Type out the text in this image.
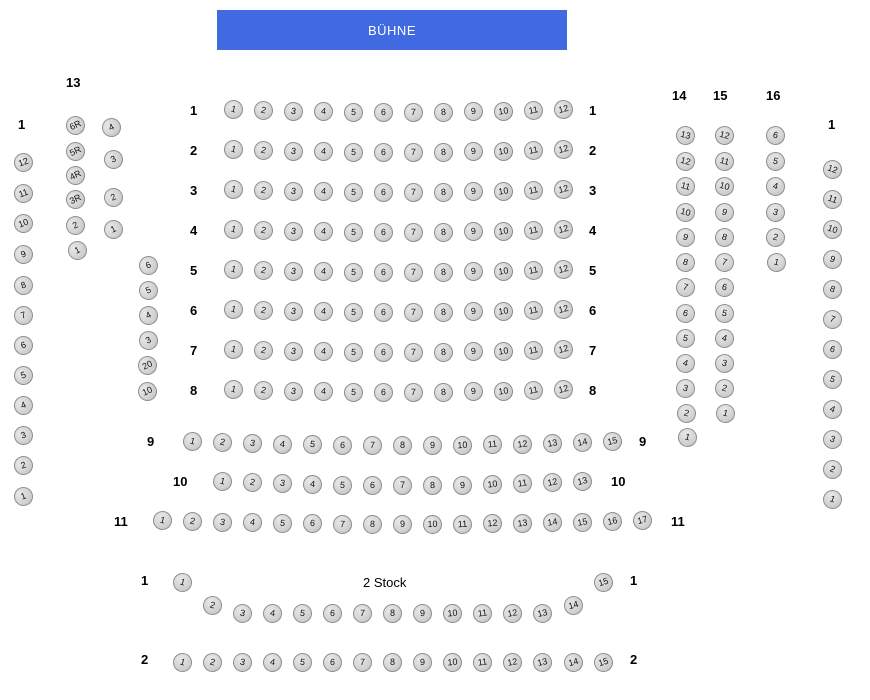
BÜHNE
2 Stock
13
14 15	16
1
12
11
10
9
8
7
6
5
4
3
2
1
1
12
11
10
9
8
7
6
5
4
3
2
1
6R
5R
4R
3R
2
1
4
3
2
1
6
5
4
3
20
10
13
12
11
10
9
8
7
6
5
4
3
2
1
12
11
10
9
8
7
6
5
4
3
2
1
6
5
4
3
2
1
1	1
1	2	3	4	5	6	7	8	9	10	11	12
2	2
1	2	3	4	5	6	7	8	9	10	11	12
3	3
1	2	3	4	5	6	7	8	9	10	11	12
4	4
1	2	3	4	5	6	7	8	9	10	11	12
5	5
1	2	3	4	5	6	7	8	9	10	11	12
6	6
1	2	3	4	5	6	7	8	9	10	11	12
7	7
1	2	3	4	5	6	7	8	9	10	11	12
8	8
1	2	3	4	5	6	7	8	9	10	11	12
9	9
1	2	3	4	5	6	7	8	9	10	11	12	13	14	15
10	10
1	2	3	4	5	6	7	8	9	10	11	12	13
11	11
1	2	3	4	5	6	7	8	9	10	11	12	13	14	15	16	17
1	1
1
2
3	4	5	6	7	8	9	10	11	12	13
14
15
2	2
1	2	3	4	5	6	7	8	9	10	11	12	13	14	15
